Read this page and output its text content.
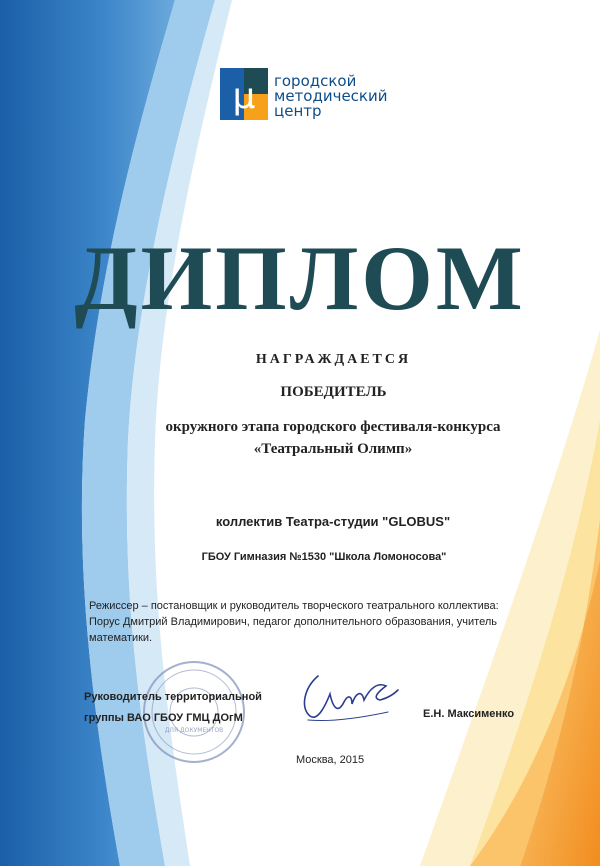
μ городской
методический
центр
ДИПЛОМ
НАГРАЖДАЕТСЯ
ПОБЕДИТЕЛЬ
окружного этапа городского фестиваля-конкурса
«Театральный Олимп»
коллектив Театра-студии "GLOBUS"
ГБОУ Гимназия №1530 "Школа Ломоносова"
Режиссер – постановщик и руководитель творческого театрального коллектива:
Порус Дмитрий Владимирович, педагог дополнительного образования, учитель
математики.
ДЛЯ ДОКУМЕНТОВ
Руководитель территориальной
группы ВАО ГБОУ ГМЦ ДОгМ	Е.Н. Максименко
Москва, 2015
